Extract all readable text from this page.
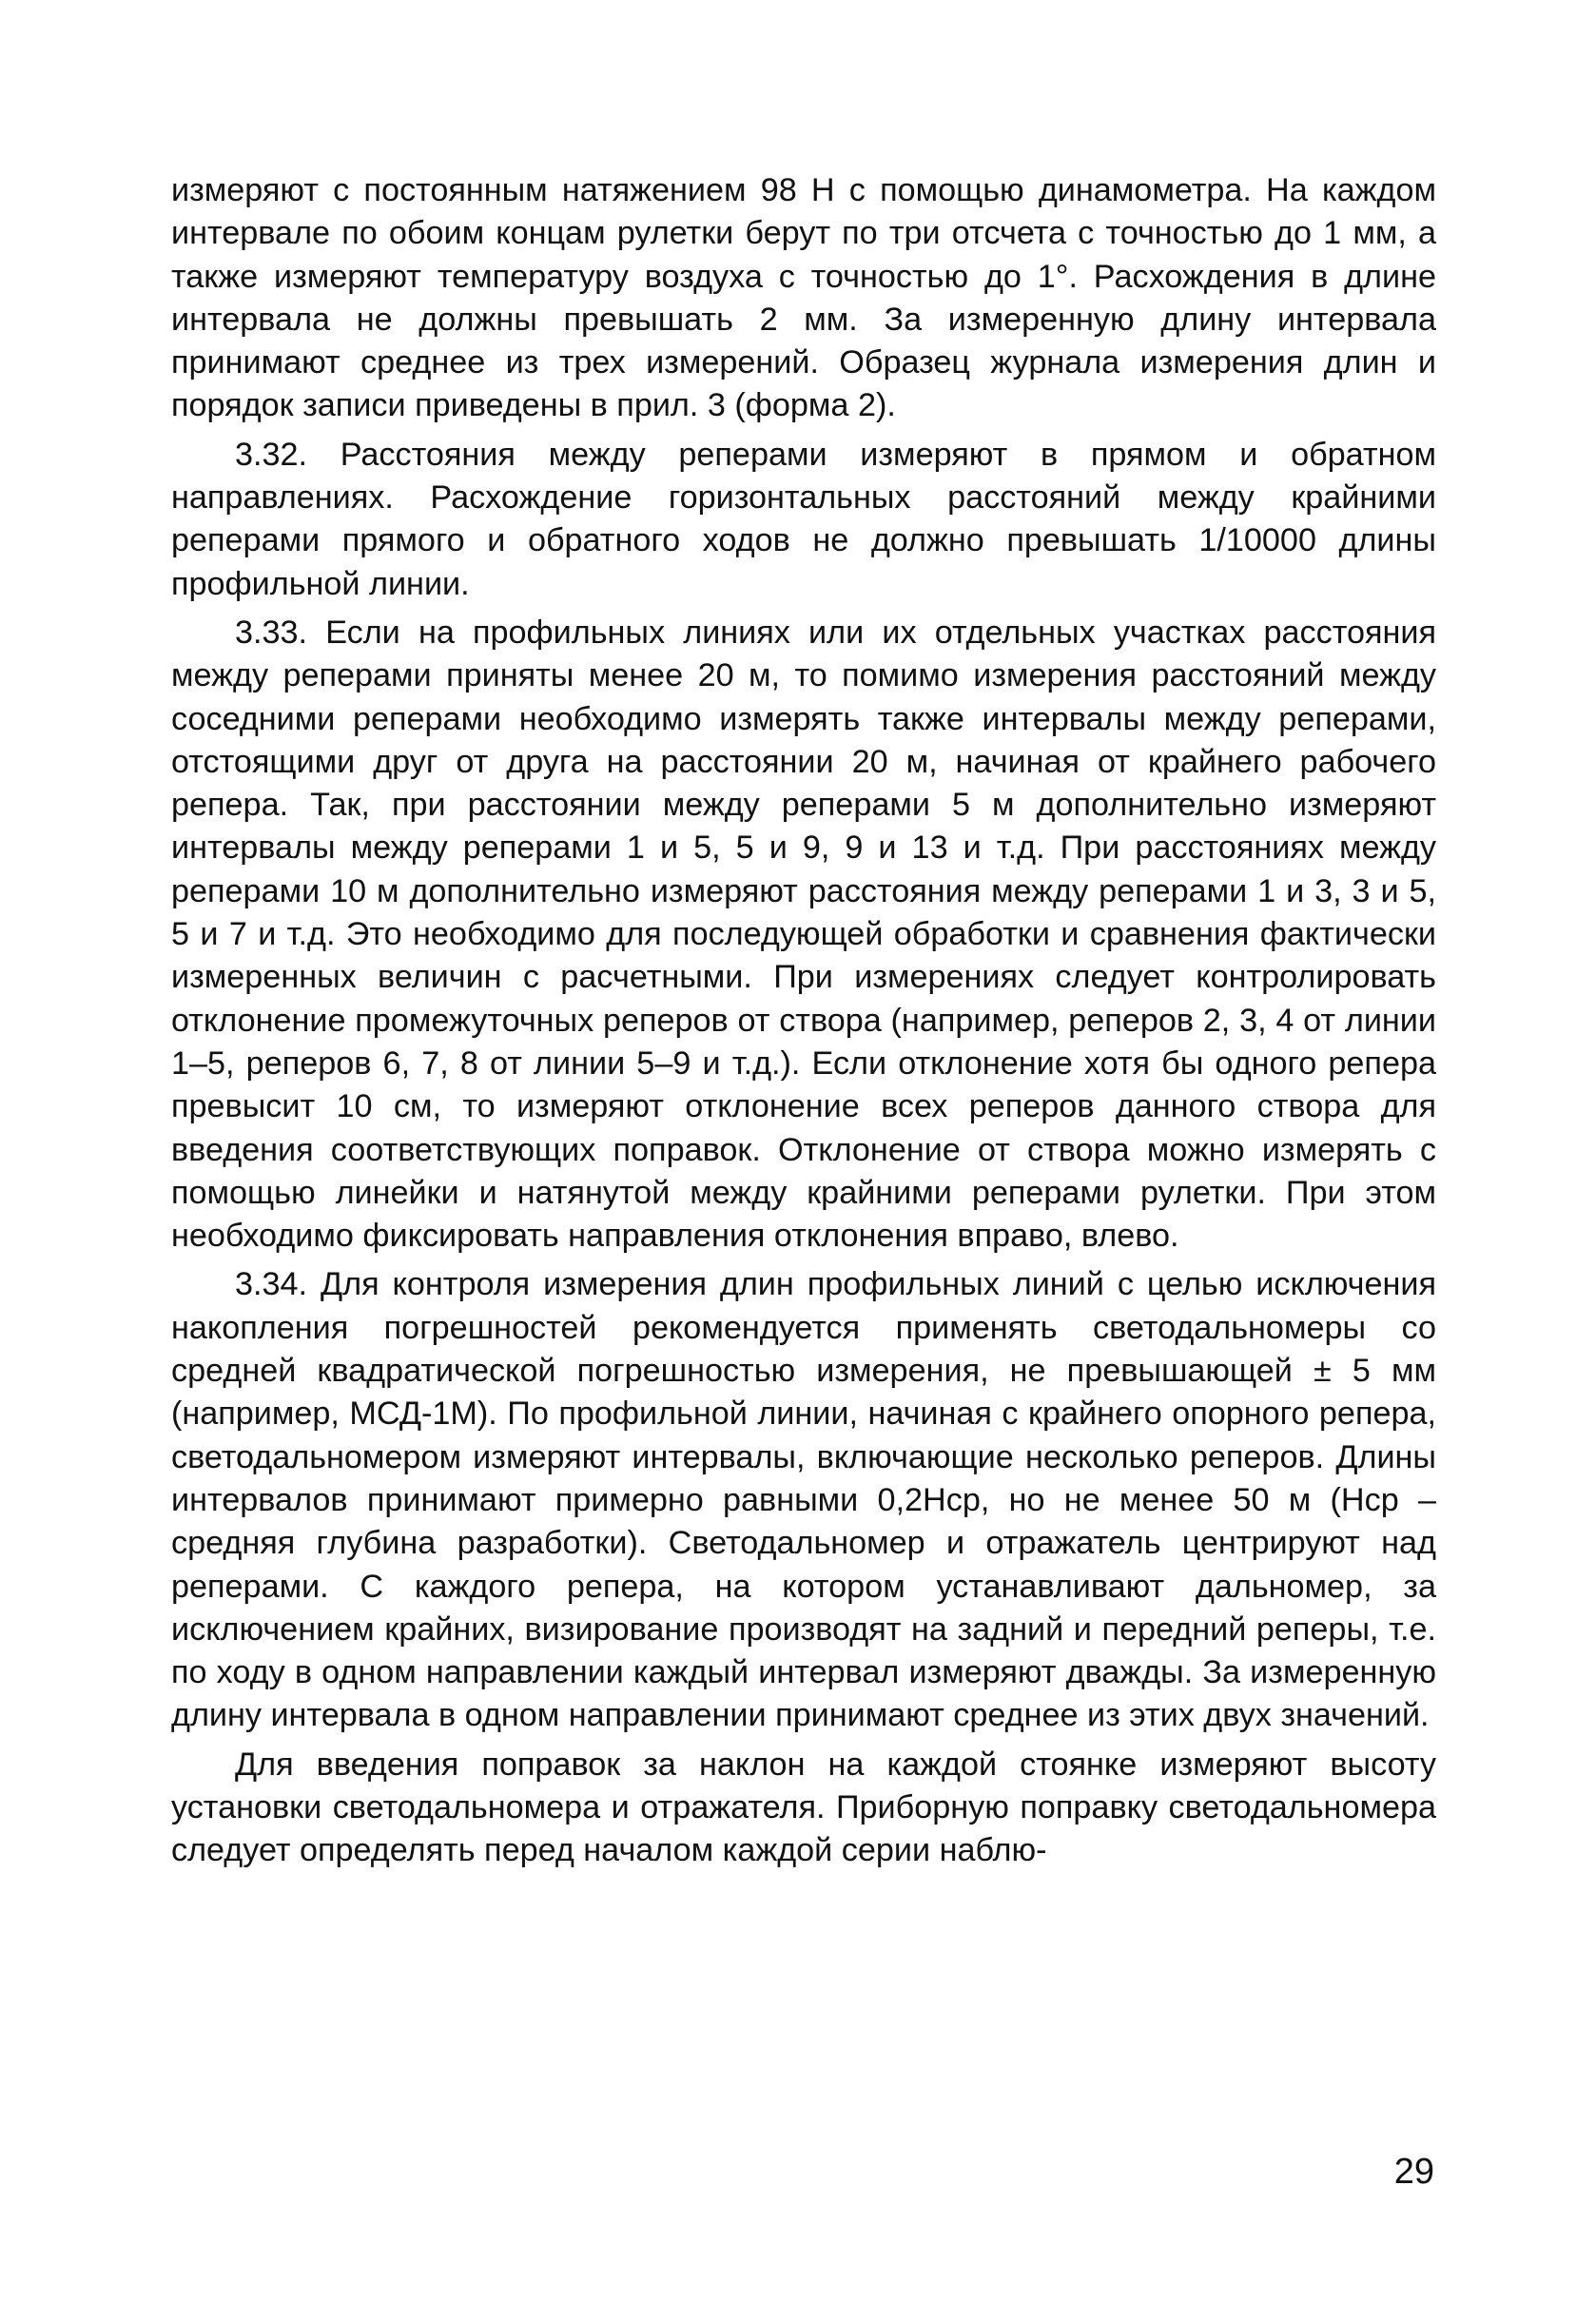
измеряют с постоянным натяжением 98 Н с помощью динамометра. На каждом интервале по обоим концам рулетки берут по три отсчета с точностью до 1 мм, а также измеряют температуру воздуха с точностью до 1°. Расхождения в длине интервала не должны превышать 2 мм. За измеренную длину интервала принимают среднее из трех измерений. Образец журнала измерения длин и порядок записи приведены в прил. 3 (форма 2).

3.32. Расстояния между реперами измеряют в прямом и обратном направлениях. Расхождение горизонтальных расстояний между крайними реперами прямого и обратного ходов не должно превышать 1/10000 длины профильной линии.

3.33. Если на профильных линиях или их отдельных участках расстояния между реперами приняты менее 20 м, то помимо измерения расстояний между соседними реперами необходимо измерять также интервалы между реперами, отстоящими друг от друга на расстоянии 20 м, начиная от крайнего рабочего репера. Так, при расстоянии между реперами 5 м дополнительно измеряют интервалы между реперами 1 и 5, 5 и 9, 9 и 13 и т.д. При расстояниях между реперами 10 м дополнительно измеряют расстояния между реперами 1 и 3, 3 и 5, 5 и 7 и т.д. Это необходимо для последующей обработки и сравнения фактически измеренных величин с расчетными. При измерениях следует контролировать отклонение промежуточных реперов от створа (например, реперов 2, 3, 4 от линии 1–5, реперов 6, 7, 8 от линии 5–9 и т.д.). Если отклонение хотя бы одного репера превысит 10 см, то измеряют отклонение всех реперов данного створа для введения соответствующих поправок. Отклонение от створа можно измерять с помощью линейки и натянутой между крайними реперами рулетки. При этом необходимо фиксировать направления отклонения вправо, влево.

3.34. Для контроля измерения длин профильных линий с целью исключения накопления погрешностей рекомендуется применять светодальномеры со средней квадратической погрешностью измерения, не превышающей ± 5 мм (например, МСД-1М). По профильной линии, начиная с крайнего опорного репера, светодальномером измеряют интервалы, включающие несколько реперов. Длины интервалов принимают примерно равными 0,2Нср, но не менее 50 м (Нср – средняя глубина разработки). Светодальномер и отражатель центрируют над реперами. С каждого репера, на котором устанавливают дальномер, за исключением крайних, визирование производят на задний и передний реперы, т.е. по ходу в одном направлении каждый интервал измеряют дважды. За измеренную длину интервала в одном направлении принимают среднее из этих двух значений.

Для введения поправок за наклон на каждой стоянке измеряют высоту установки светодальномера и отражателя. Приборную поправку светодальномера следует определять перед началом каждой серии наблю-

29
